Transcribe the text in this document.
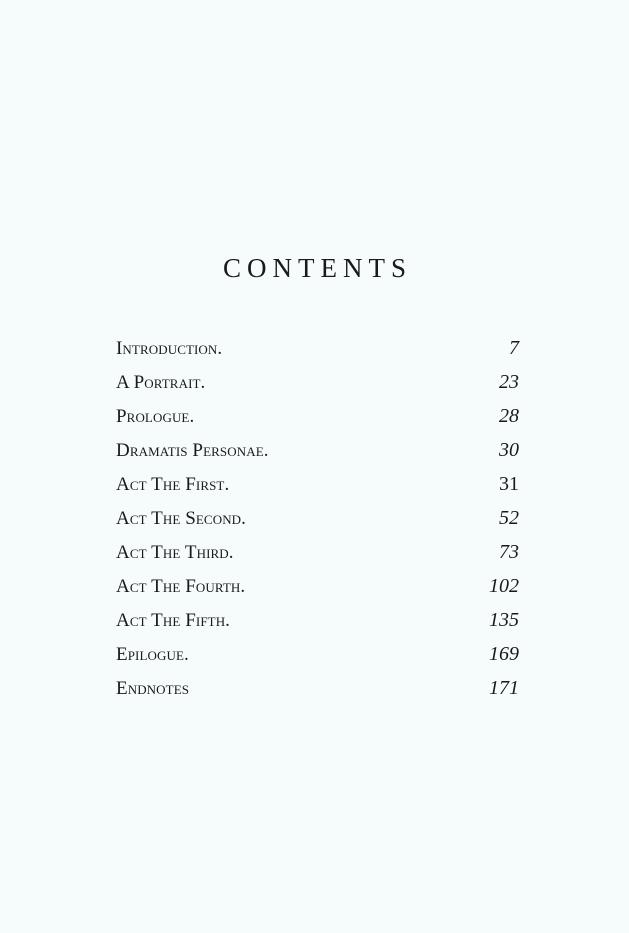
CONTENTS
Introduction.	7
A Portrait.	23
Prologue.	28
Dramatis Personae.	30
Act The First.	31
Act The Second.	52
Act The Third.	73
Act The Fourth.	102
Act The Fifth.	135
Epilogue.	169
Endnotes	171
